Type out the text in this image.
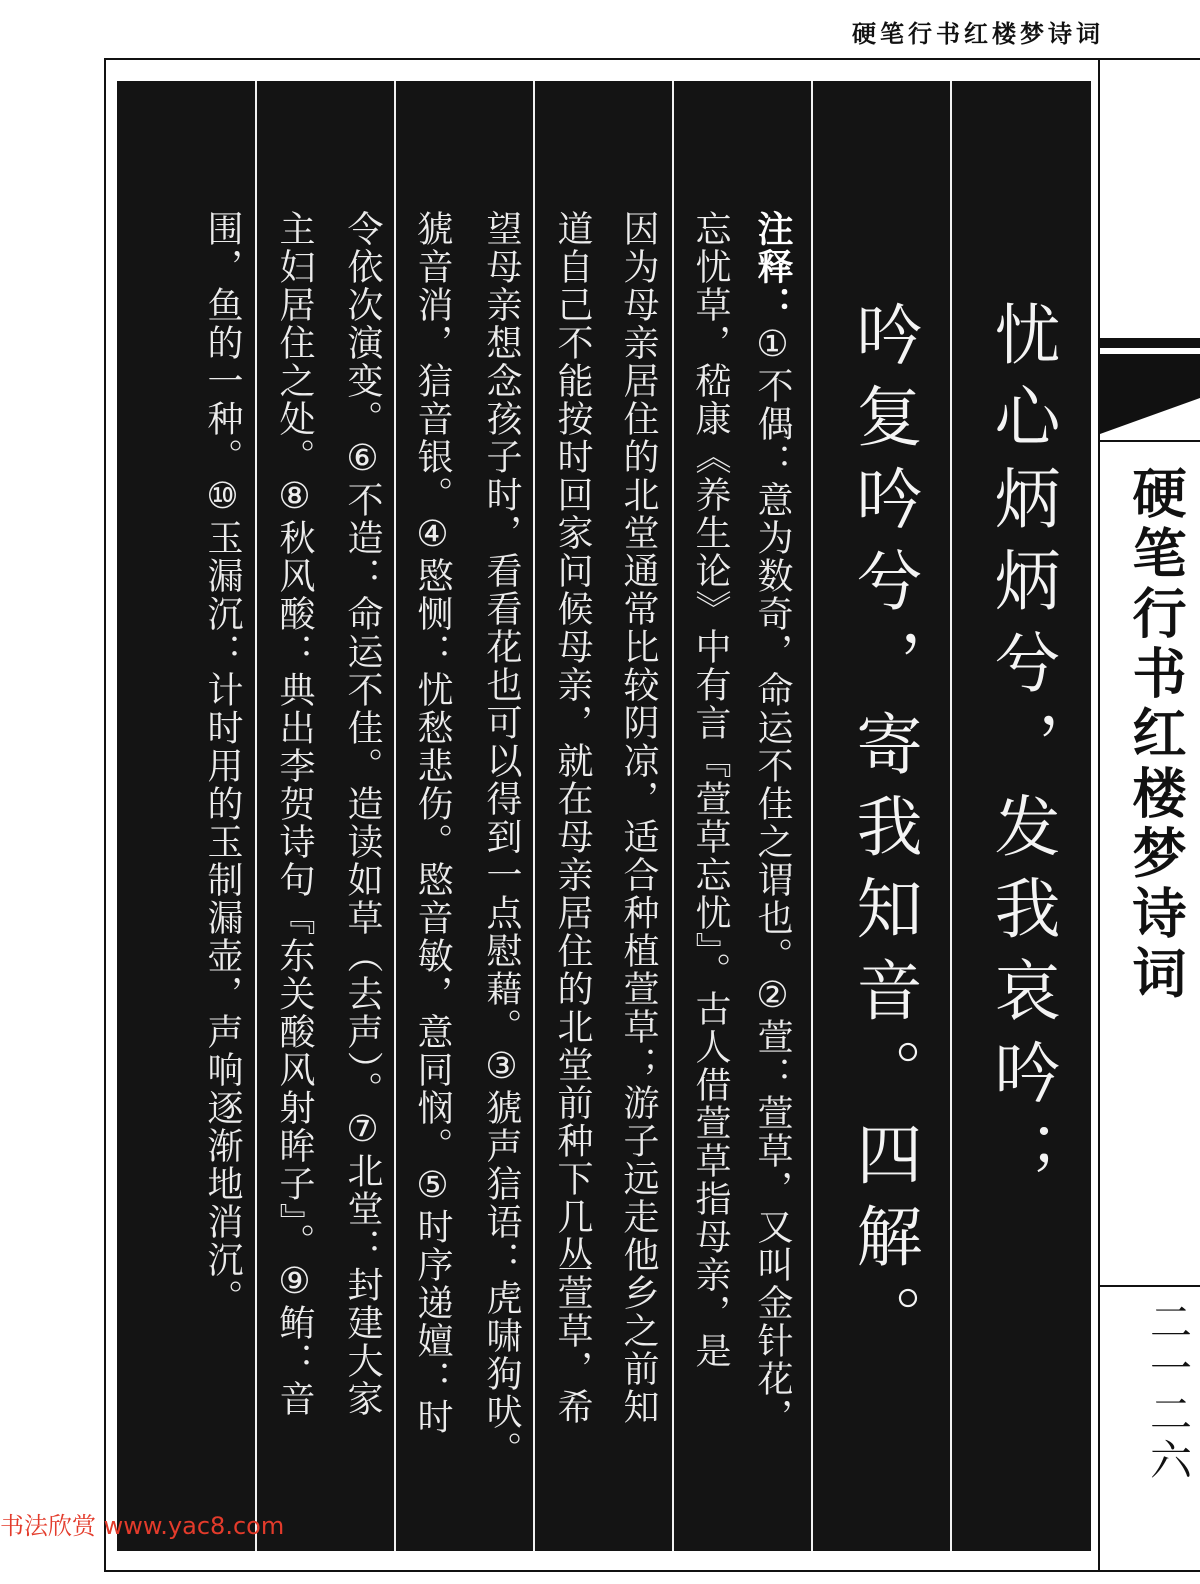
硬笔行书红楼梦诗词
忧心炳炳兮，发我哀吟；
吟复吟兮，寄我知音。四解。
注释：①不偶：意为数奇，命运不佳之谓也。②萱：萱草，又叫金针花，
忘忧草，嵇康《养生论》中有言『萱草忘忧』。古人借萱草指母亲，是
因为母亲居住的北堂通常比较阴凉，适合种植萱草；游子远走他乡之前知
道自己不能按时回家问候母亲，就在母亲居住的北堂前种下几丛萱草，希
望母亲想念孩子时，看看花也可以得到一点慰藉。③猇声狺语：虎啸狗吠。
猇音消，狺音银。④愍恻：忧愁悲伤。愍音敏，意同悯。⑤时序递嬗：时
令依次演变。⑥不造：命运不佳。造读如草（去声）。⑦北堂：封建大家
主妇居住之处。⑧秋风酸：典出李贺诗句『东关酸风射眸子』。⑨鲔：音
围，鱼的一种。⑩玉漏沉：计时用的玉制漏壶，声响逐渐地消沉。	硬笔行书红楼梦诗词
二一二六
书法欣赏 www.yac8.com
